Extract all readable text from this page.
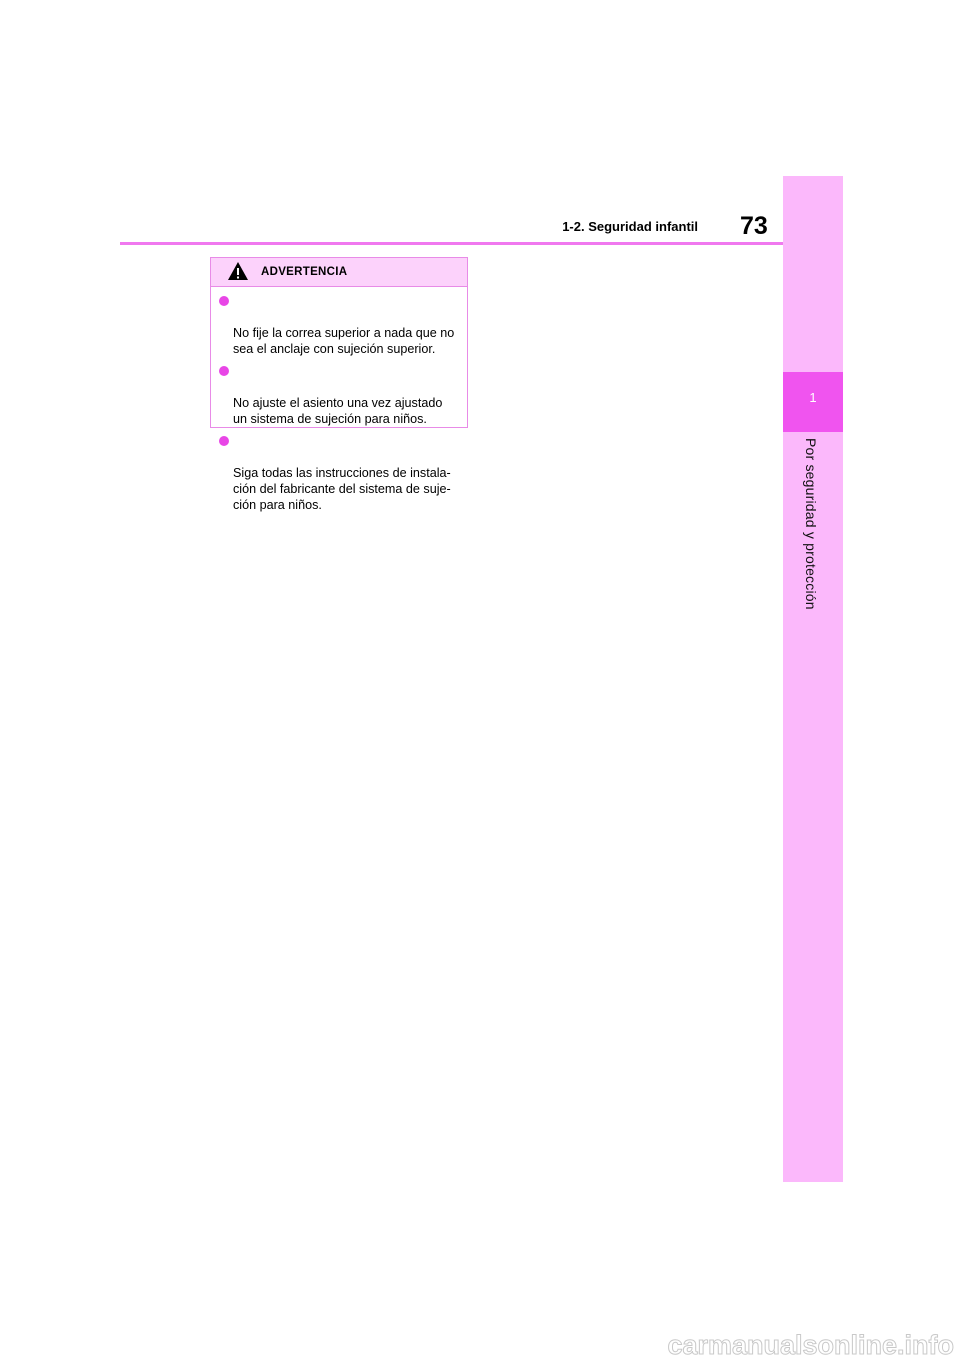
1
Por seguridad y protección
1-2. Seguridad infantil 73
ADVERTENCIA

No fije la correa superior a nada que no
sea el anclaje con sujeción superior.

No ajuste el asiento una vez ajustado
un sistema de sujeción para niños.

Siga todas las instrucciones de instala-
ción del fabricante del sistema de suje-
ción para niños.

carmanualsonline.info
